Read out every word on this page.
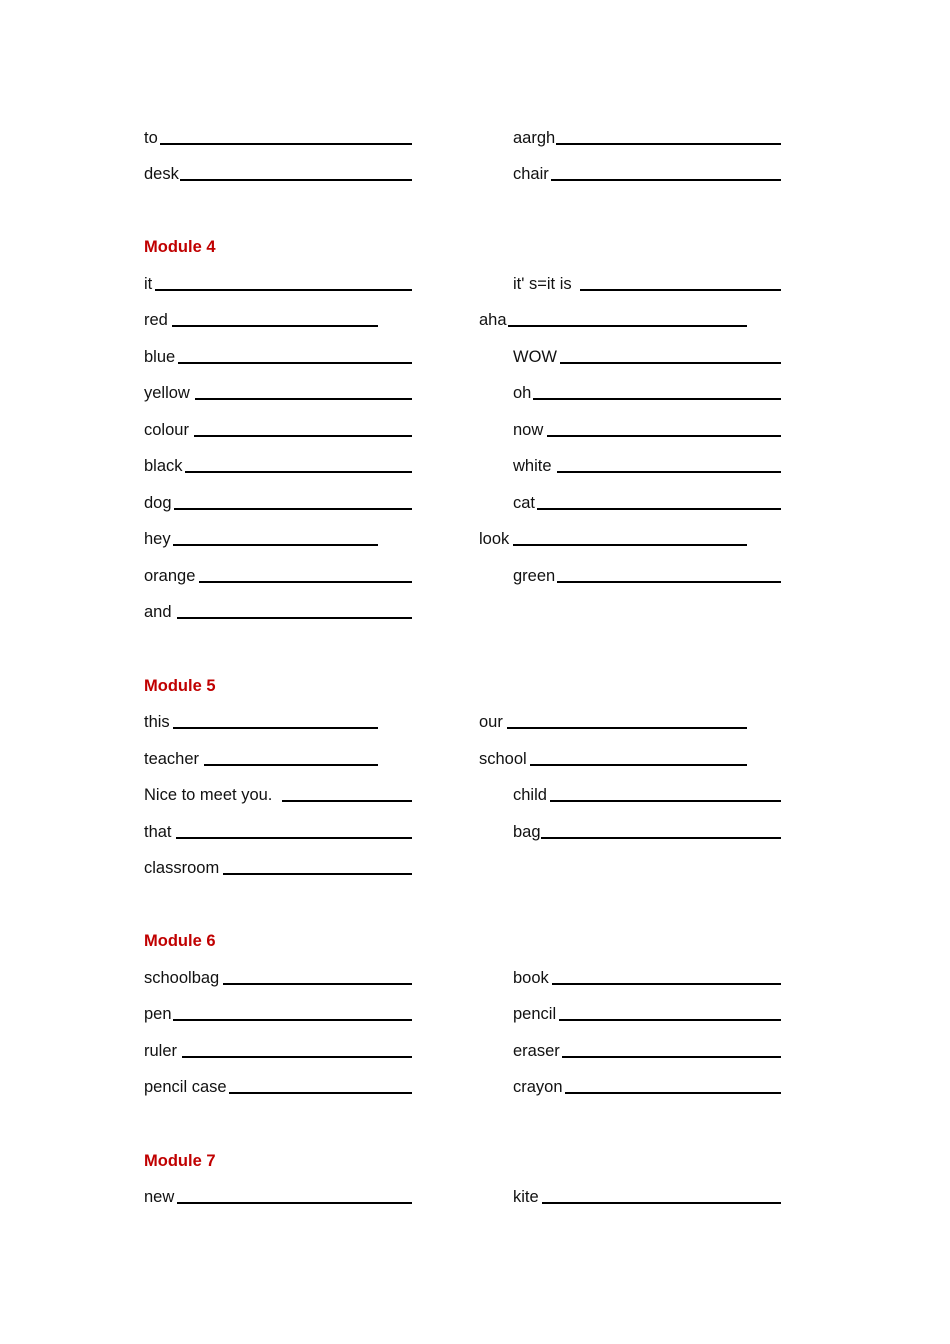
to	aargh
desk	chair
Module 4
it	it' s=it is
red	aha
blue	WOW
yellow	oh
colour	now
black	white
dog	cat
hey	look
orange	green
and
Module 5
this	our
teacher	school
Nice to meet you.	child
that	bag
classroom
Module 6
schoolbag	book
pen	pencil
ruler	eraser
pencil case	crayon
Module 7
new	kite
